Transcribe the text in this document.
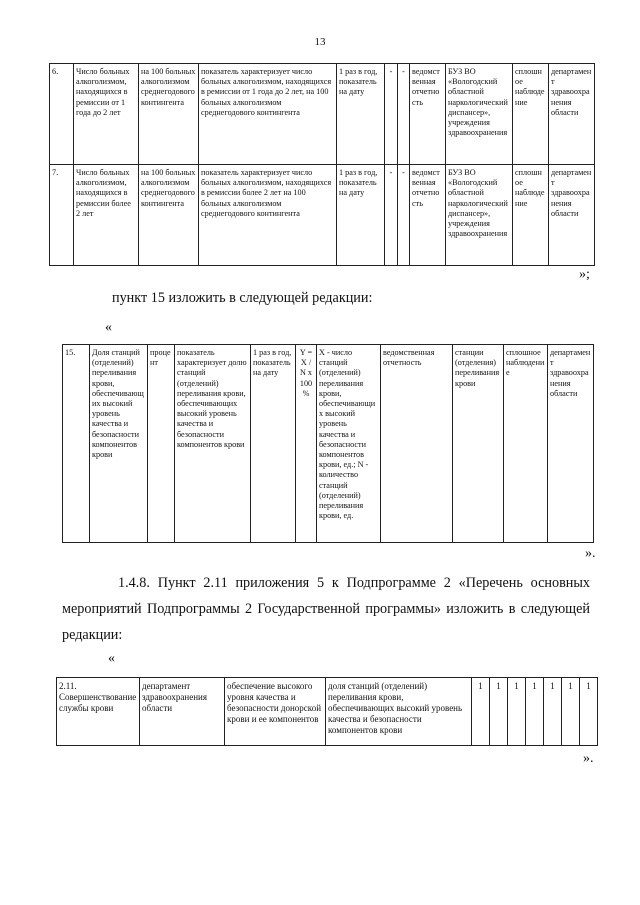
13
6.	Число больных алкоголизмом, находящихся в ремиссии от 1 года до 2 лет	на 100 больных алкоголизмом среднегодового контингента	показатель характеризует число больных алкоголизмом, находящихся в ремиссии от 1 года до 2 лет, на 100 больных алкоголизмом среднегодового контингента	1 раз в год, показатель на дату	-	-	ведомственная отчетность	БУЗ ВО «Вологодский областной наркологический диспансер», учреждения здравоохранения	сплошное наблюдение	департамент здравоохранения области
7.	Число больных алкоголизмом, находящихся в ремиссии более 2 лет	на 100 больных алкоголизмом среднегодового контингента	показатель характеризует число больных алкоголизмом, находящихся в ремиссии более 2 лет на 100 больных алкоголизмом среднегодового контингента	1 раз в год, показатель на дату	-	-	ведомственная отчетность	БУЗ ВО «Вологодский областной наркологический диспансер», учреждения здравоохранения	сплошное наблюдение	департамент здравоохранения области
»;
пункт 15 изложить в следующей редакции:
«
15.	Доля станций (отделений) переливания крови, обеспечивающих высокий уровень качества и безопасности компонентов крови	процент	показатель характеризует долю станций (отделений) переливания крови, обеспечивающих высокий уровень качества и безопасности компонентов крови	1 раз в год, показатель на дату	Y = X / N x 100 %	X - число станций (отделений) переливания крови, обеспечивающих высокий уровень качества и безопасности компонентов крови, ед.; N - количество станций (отделений) переливания крови, ед.	ведомственная отчетность	станции (отделения) переливания крови	сплошное наблюдение	департамент здравоохранения области
».
1.4.8. Пункт 2.11 приложения 5 к Подпрограмме 2 «Перечень основных мероприятий Подпрограммы 2 Государственной программы» изложить в следующей редакции:
«
2.11. Совершенствование службы крови	департамент здравоохранения области	обеспечение высокого уровня качества и безопасности донорской крови и ее компонентов	доля станций (отделений) переливания крови, обеспечивающих высокий уровень качества и безопасности компонентов крови	1	1	1	1	1	1	1
».
